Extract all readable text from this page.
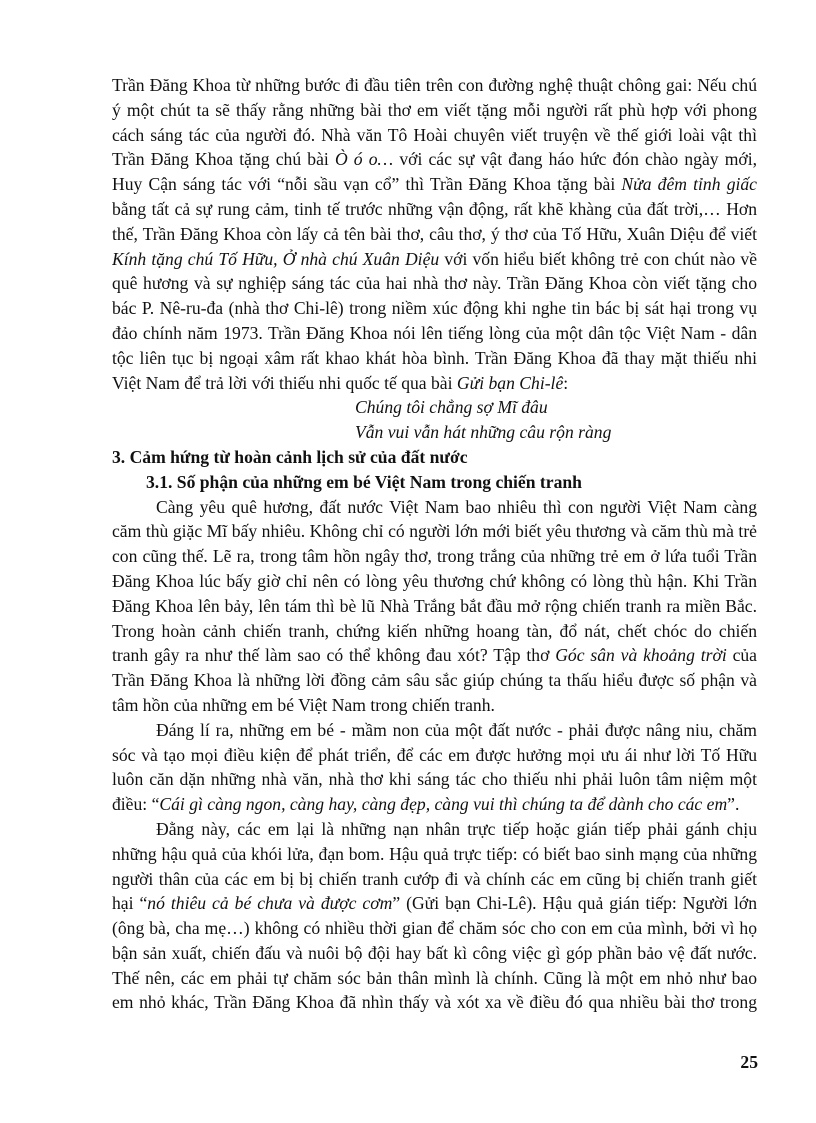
Trần Đăng Khoa từ những bước đi đầu tiên trên con đường nghệ thuật chông gai: Nếu chú
ý một chút ta sẽ thấy rằng những bài thơ em viết tặng mỗi người rất phù hợp với phong
cách sáng tác của người đó. Nhà văn Tô Hoài chuyên viết truyện về thế giới loài vật thì
Trần Đăng Khoa tặng chú bài Ò ó o… với các sự vật đang háo hức đón chào ngày mới,
Huy Cận sáng tác với “nỗi sầu vạn cổ” thì Trần Đăng Khoa tặng bài Nửa đêm tỉnh giấc
bằng tất cả sự rung cảm, tinh tế trước những vận động, rất khẽ khàng của đất trời,… Hơn
thế, Trần Đăng Khoa còn lấy cả tên bài thơ, câu thơ, ý thơ của Tố Hữu, Xuân Diệu để viết
Kính tặng chú Tố Hữu, Ở nhà chú Xuân Diệu với vốn hiểu biết không trẻ con chút nào về
quê hương và sự nghiệp sáng tác của hai nhà thơ này. Trần Đăng Khoa còn viết tặng cho
bác P. Nê-ru-đa (nhà thơ Chi-lê) trong niềm xúc động khi nghe tin bác bị sát hại trong vụ
đảo chính năm 1973. Trần Đăng Khoa nói lên tiếng lòng của một dân tộc Việt Nam - dân
tộc liên tục bị ngoại xâm rất khao khát hòa bình. Trần Đăng Khoa đã thay mặt thiếu nhi
Việt Nam để trả lời với thiếu nhi quốc tế qua bài Gửi bạn Chi-lê:
Chúng tôi chẳng sợ Mĩ đâu
Vẫn vui vẫn hát những câu rộn ràng
3. Cảm hứng từ hoàn cảnh lịch sử của đất nước
3.1. Số phận của những em bé Việt Nam trong chiến tranh
Càng yêu quê hương, đất nước Việt Nam bao nhiêu thì con người Việt Nam càng
căm thù giặc Mĩ bấy nhiêu. Không chỉ có người lớn mới biết yêu thương và căm thù mà trẻ
con cũng thế. Lẽ ra, trong tâm hồn ngây thơ, trong trắng của những trẻ em ở lứa tuổi Trần
Đăng Khoa lúc bấy giờ chỉ nên có lòng yêu thương chứ không có lòng thù hận. Khi Trần
Đăng Khoa lên bảy, lên tám thì bè lũ Nhà Trắng bắt đầu mở rộng chiến tranh ra miền Bắc.
Trong hoàn cảnh chiến tranh, chứng kiến những hoang tàn, đổ nát, chết chóc do chiến
tranh gây ra như thế làm sao có thể không đau xót? Tập thơ Góc sân và khoảng trời của
Trần Đăng Khoa là những lời đồng cảm sâu sắc giúp chúng ta thấu hiểu được số phận và
tâm hồn của những em bé Việt Nam trong chiến tranh.
Đáng lí ra, những em bé - mầm non của một đất nước - phải được nâng niu, chăm
sóc và tạo mọi điều kiện để phát triển, để các em được hưởng mọi ưu ái như lời Tố Hữu
luôn căn dặn những nhà văn, nhà thơ khi sáng tác cho thiếu nhi phải luôn tâm niệm một
điều: “Cái gì càng ngon, càng hay, càng đẹp, càng vui thì chúng ta để dành cho các em”.
Đằng này, các em lại là những nạn nhân trực tiếp hoặc gián tiếp phải gánh chịu
những hậu quả của khói lửa, đạn bom. Hậu quả trực tiếp: có biết bao sinh mạng của những
người thân của các em bị bị chiến tranh cướp đi và chính các em cũng bị chiến tranh giết
hại “nó thiêu cả bé chưa và được cơm” (Gửi bạn Chi-Lê). Hậu quả gián tiếp: Người lớn
(ông bà, cha mẹ…) không có nhiều thời gian để chăm sóc cho con em của mình, bởi vì họ
bận sản xuất, chiến đấu và nuôi bộ đội hay bất kì công việc gì góp phần bảo vệ đất nước.
Thế nên, các em phải tự chăm sóc bản thân mình là chính. Cũng là một em nhỏ như bao
em nhỏ khác, Trần Đăng Khoa đã nhìn thấy và xót xa về điều đó qua nhiều bài thơ trong
25
